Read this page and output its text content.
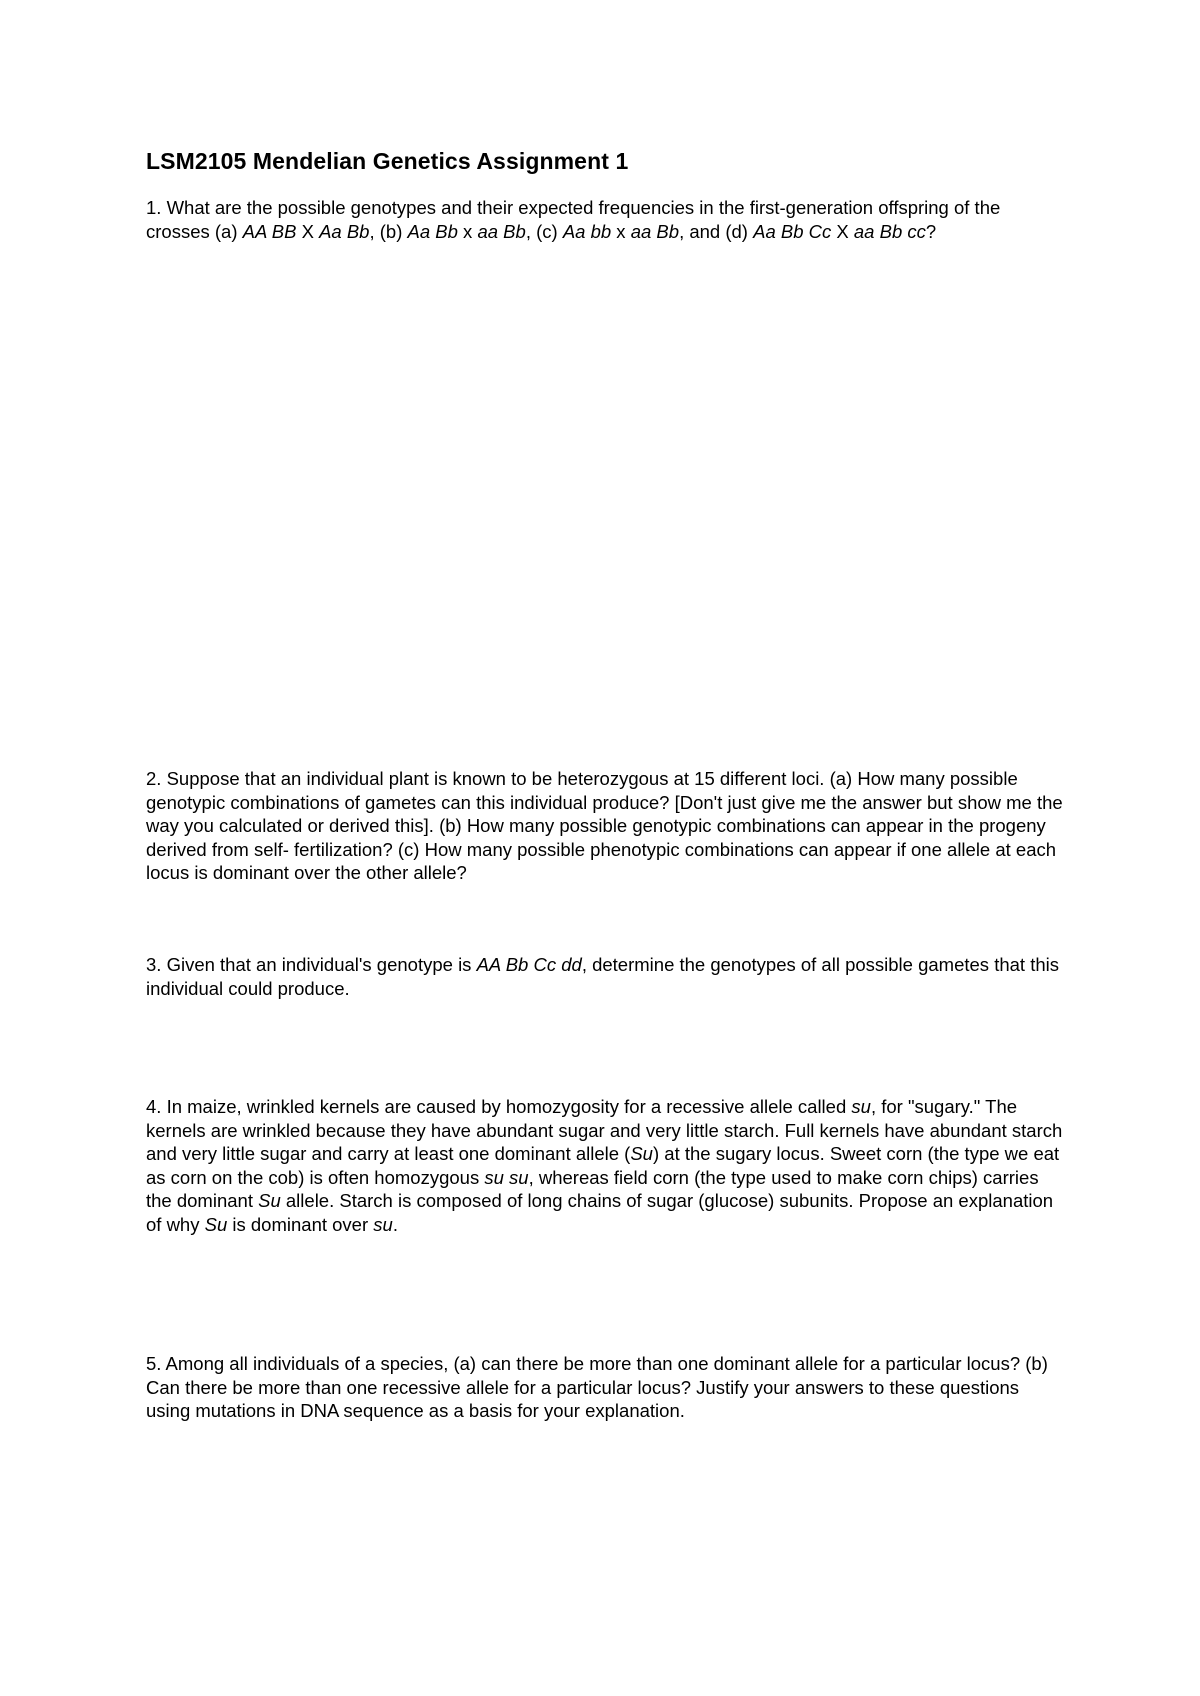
LSM2105 Mendelian Genetics Assignment 1

1. What are the possible genotypes and their expected frequencies in the first-generation offspring of the crosses (a) AA BB X Aa Bb, (b) Aa Bb x aa Bb, (c) Aa bb x aa Bb, and (d) Aa Bb Cc X aa Bb cc?

2. Suppose that an individual plant is known to be heterozygous at 15 different loci. (a) How many possible genotypic combinations of gametes can this individual produce? [Don't just give me the answer but show me the way you calculated or derived this]. (b) How many possible genotypic combinations can appear in the progeny derived from self- fertilization? (c) How many possible phenotypic combinations can appear if one allele at each locus is dominant over the other allele?

3. Given that an individual's genotype is AA Bb Cc dd, determine the genotypes of all possible gametes that this individual could produce.

4. In maize, wrinkled kernels are caused by homozygosity for a recessive allele called su, for "sugary." The kernels are wrinkled because they have abundant sugar and very little starch. Full kernels have abundant starch and very little sugar and carry at least one dominant allele (Su) at the sugary locus. Sweet corn (the type we eat as corn on the cob) is often homozygous su su, whereas field corn (the type used to make corn chips) carries the dominant Su allele. Starch is composed of long chains of sugar (glucose) subunits. Propose an explanation of why Su is dominant over su.

5. Among all individuals of a species, (a) can there be more than one dominant allele for a particular locus? (b) Can there be more than one recessive allele for a particular locus? Justify your answers to these questions using mutations in DNA sequence as a basis for your explanation.
